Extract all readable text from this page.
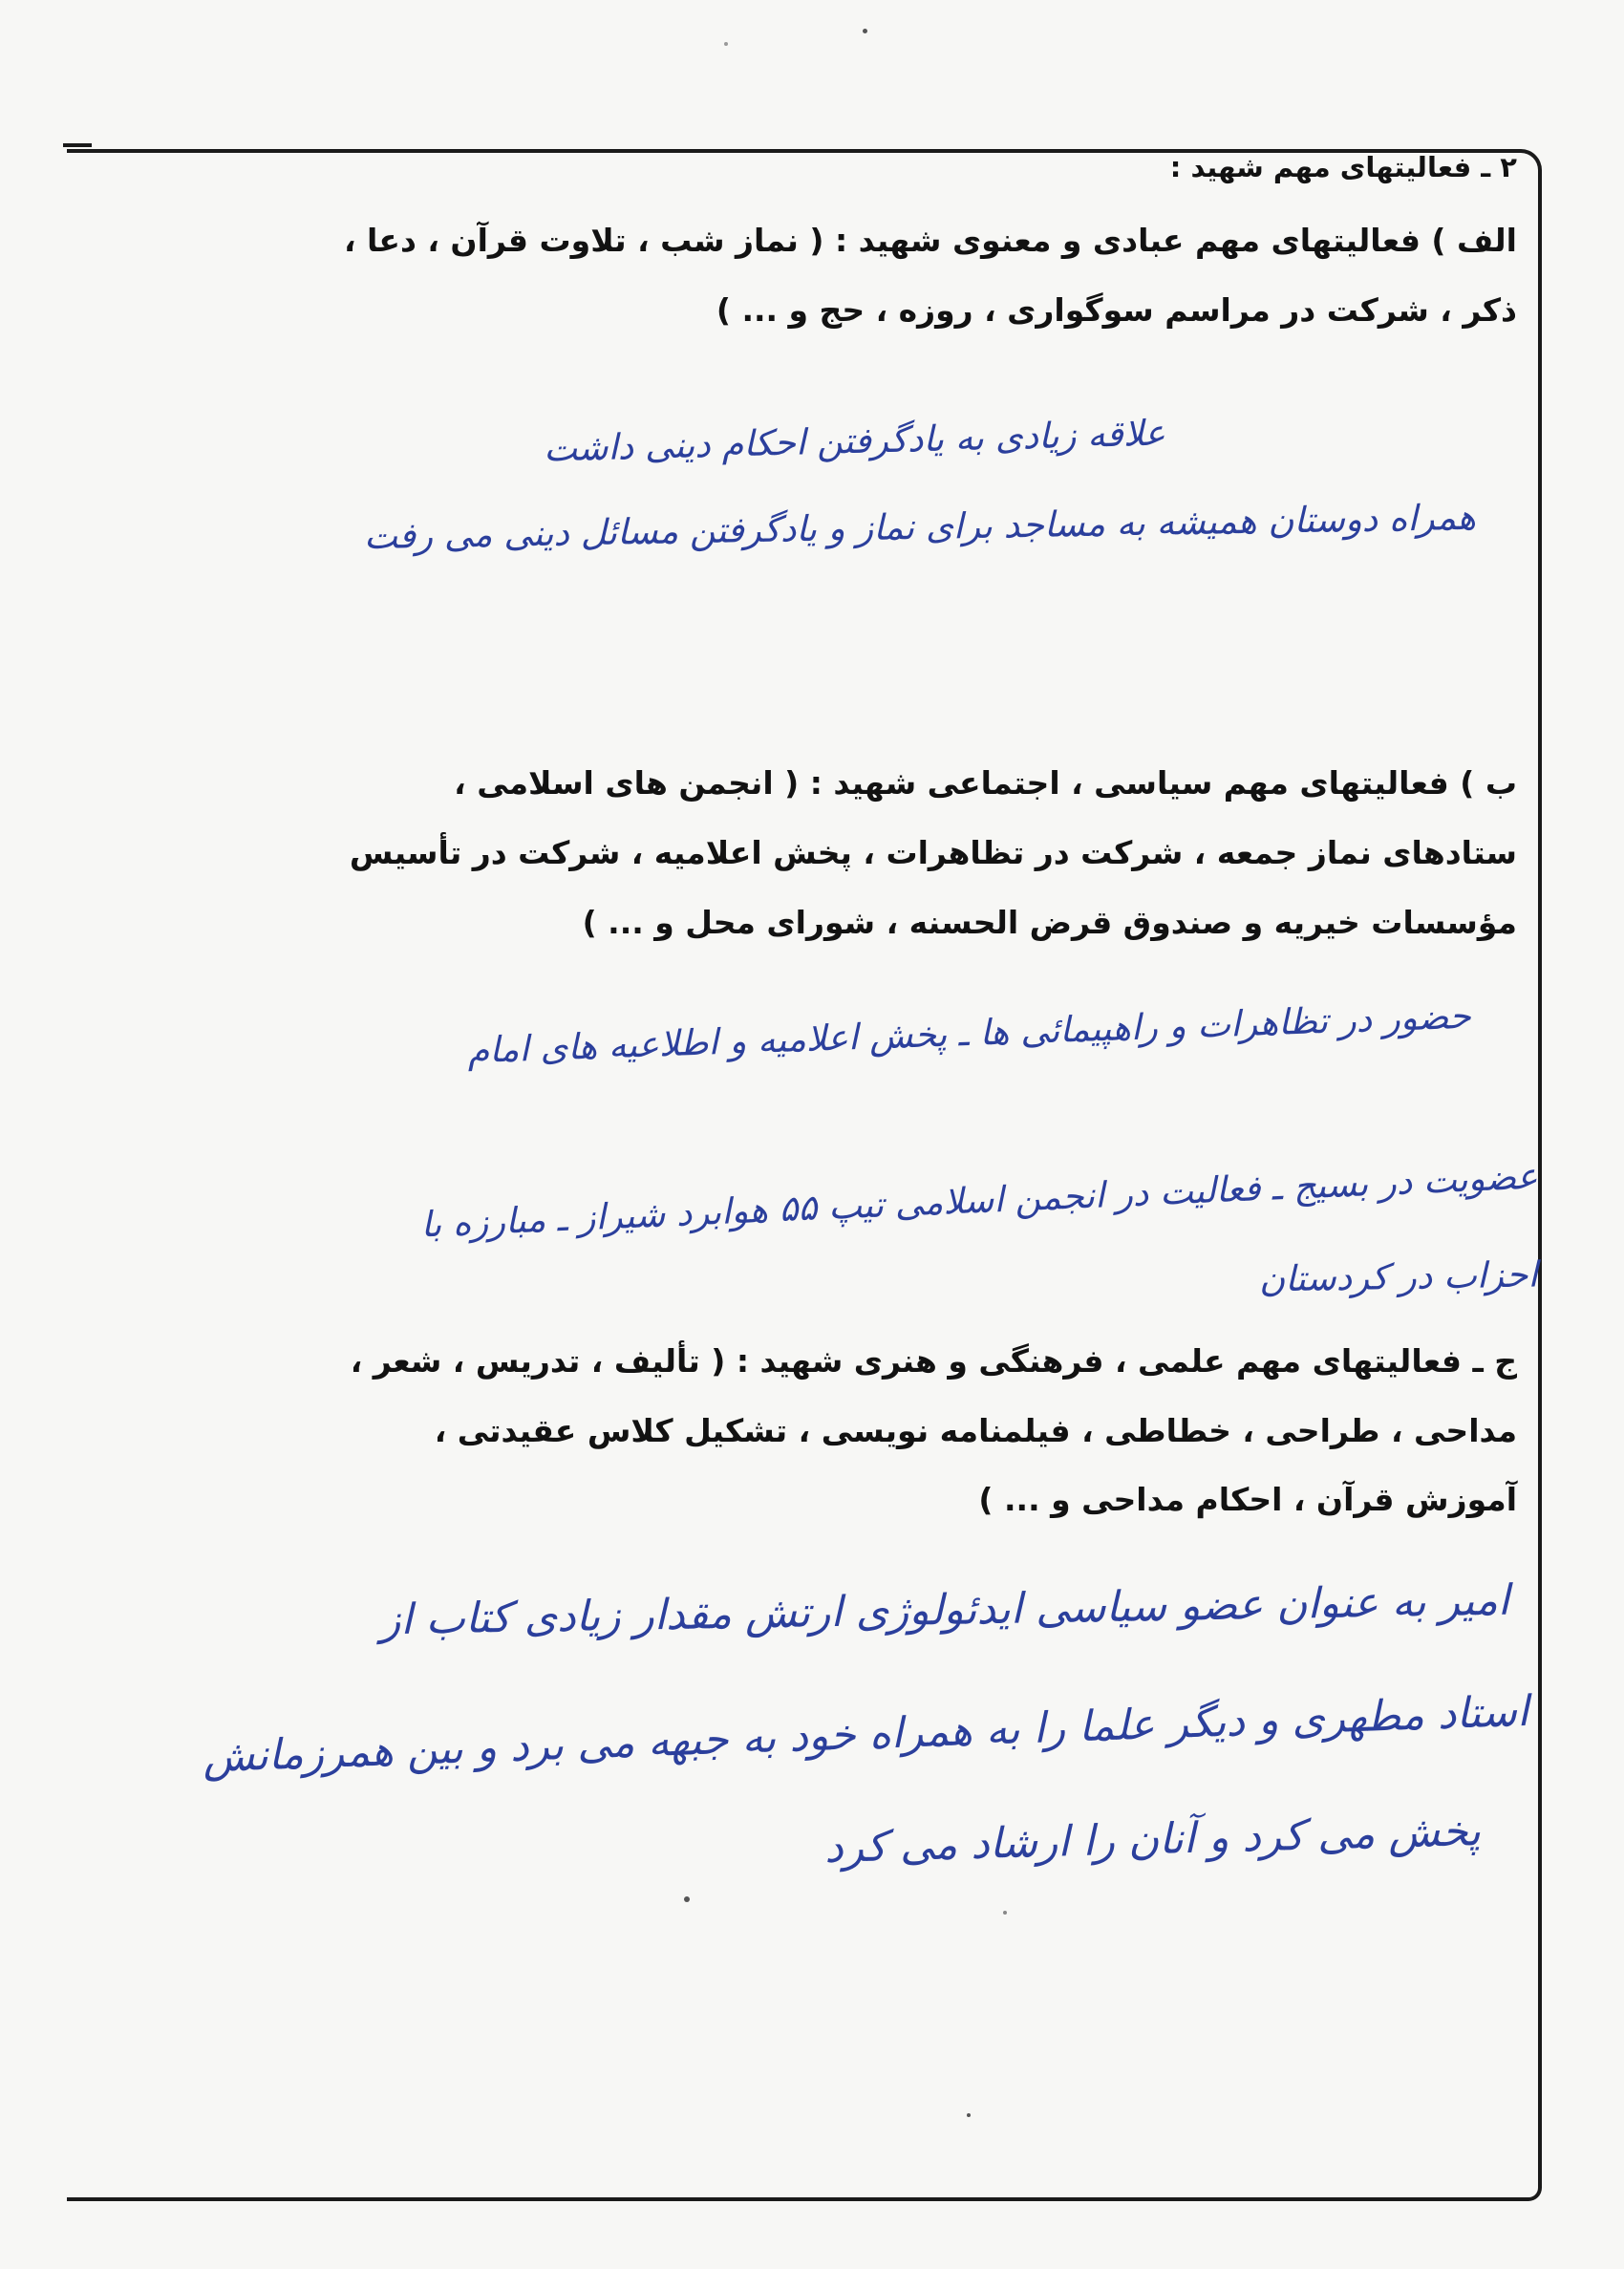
۲ ـ فعالیتهای مهم شهید :
الف ) فعالیتهای مهم عبادی و معنوی شهید : ( نماز شب ، تلاوت قرآن ، دعا ،
ذکر ، شرکت در مراسم سوگواری ، روزه ، حج و ... )
علاقه زیادی به یادگرفتن احکام دینی داشت
همراه دوستان همیشه به مساجد برای نماز و یادگرفتن مسائل دینی می رفت
ب ) فعالیتهای مهم سیاسی ، اجتماعی شهید : ( انجمن های اسلامی ،
ستادهای نماز جمعه ، شرکت در تظاهرات ، پخش اعلامیه ، شرکت در تأسیس
مؤسسات خیریه و صندوق قرض الحسنه ، شورای محل و ... )
حضور در تظاهرات و راهپیمائی ها ـ پخش اعلامیه و اطلاعیه های امام
عضویت در بسیج ـ فعالیت در انجمن اسلامی تیپ ۵۵ هوابرد شیراز ـ مبارزه با
احزاب در کردستان
ج ـ فعالیتهای مهم علمی ، فرهنگی و هنری شهید : ( تألیف ، تدریس ، شعر ،
مداحی ، طراحی ، خطاطی ، فیلمنامه نویسی ، تشکیل کلاس عقیدتی ،
آموزش قرآن ، احکام مداحی و ... )
امیر به عنوان عضو سیاسی ایدئولوژی ارتش مقدار زیادی کتاب از
استاد مطهری و دیگر علما را به همراه خود به جبهه می برد و بین همرزمانش
پخش می کرد و آنان را ارشاد می کرد
